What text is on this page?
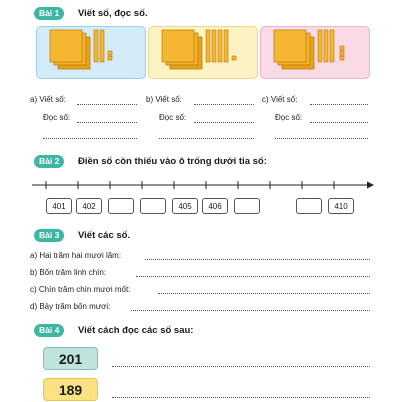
Bài 1	Viết số, đọc số.
a) Viết số:	b) Viết số:	c) Viết số:
Đọc số:	Đọc số:	Đọc số:
Bài 2	Điền số còn thiếu vào ô trống dưới tia số:
401	402	405	406	410
Bài 3	Viết các số.
a) Hai trăm hai mươi lăm:
b) Bốn trăm linh chín:
c) Chín trăm chín mươi mốt:
d) Bảy trăm bốn mươi:
Bài 4	Viết cách đọc các số sau:
201
189
